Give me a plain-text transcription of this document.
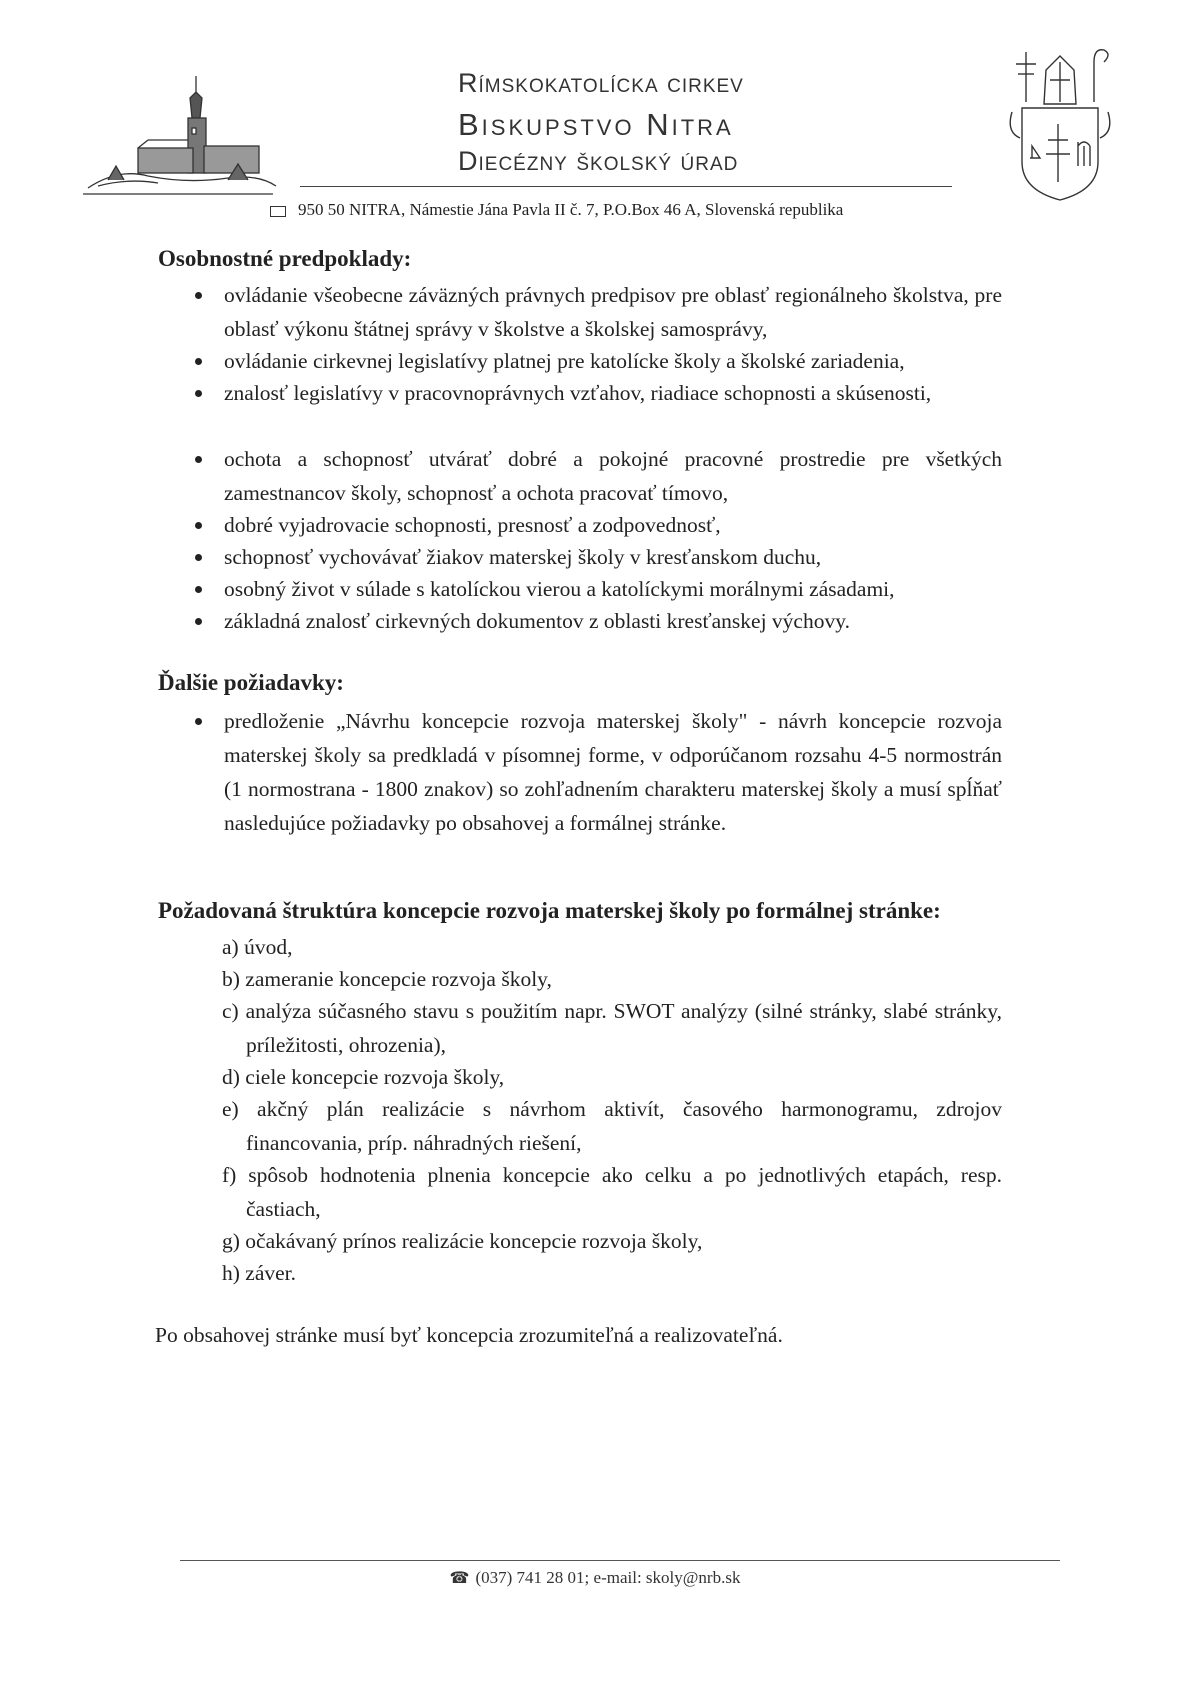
Rímskokatolícka cirkev
Biskupstvo Nitra
Diecézny školský úrad
950 50 NITRA, Námestie Jána Pavla II č. 7, P.O.Box 46 A, Slovenská republika
Osobnostné predpoklady:
ovládanie všeobecne záväzných právnych predpisov pre oblasť regionálneho školstva, pre oblasť výkonu štátnej správy v školstve a školskej samosprávy,
ovládanie cirkevnej legislatívy platnej pre katolícke školy a školské zariadenia,
znalosť legislatívy v pracovnoprávnych vzťahov, riadiace schopnosti a skúsenosti,
ochota a schopnosť utvárať dobré a pokojné pracovné prostredie pre všetkých zamestnancov školy, schopnosť a ochota pracovať tímovo,
dobré vyjadrovacie schopnosti, presnosť a zodpovednosť,
schopnosť vychovávať žiakov materskej školy v kresťanskom duchu,
osobný život v súlade s katolíckou vierou a katolíckymi morálnymi zásadami,
základná znalosť cirkevných dokumentov z oblasti kresťanskej výchovy.
Ďalšie požiadavky:
predloženie „Návrhu koncepcie rozvoja materskej školy" - návrh koncepcie rozvoja materskej školy sa predkladá v písomnej forme, v odporúčanom rozsahu 4-5 normostrán (1 normostrana - 1800 znakov) so zohľadnením charakteru materskej školy a musí spĺňať nasledujúce požiadavky po obsahovej a formálnej stránke.
Požadovaná štruktúra koncepcie rozvoja materskej školy po formálnej stránke:
a) úvod,
b) zameranie koncepcie rozvoja školy,
c) analýza súčasného stavu s použitím napr. SWOT analýzy (silné stránky, slabé stránky, príležitosti, ohrozenia),
d) ciele koncepcie rozvoja školy,
e) akčný plán realizácie s návrhom aktivít, časového harmonogramu, zdrojov financovania, príp. náhradných riešení,
f) spôsob hodnotenia plnenia koncepcie ako celku a po jednotlivých etapách, resp. častiach,
g) očakávaný prínos realizácie koncepcie rozvoja školy,
h) záver.
Po obsahovej stránke musí byť koncepcia zrozumiteľná a realizovateľná.
☎ (037) 741 28 01; e-mail: skoly@nrb.sk
